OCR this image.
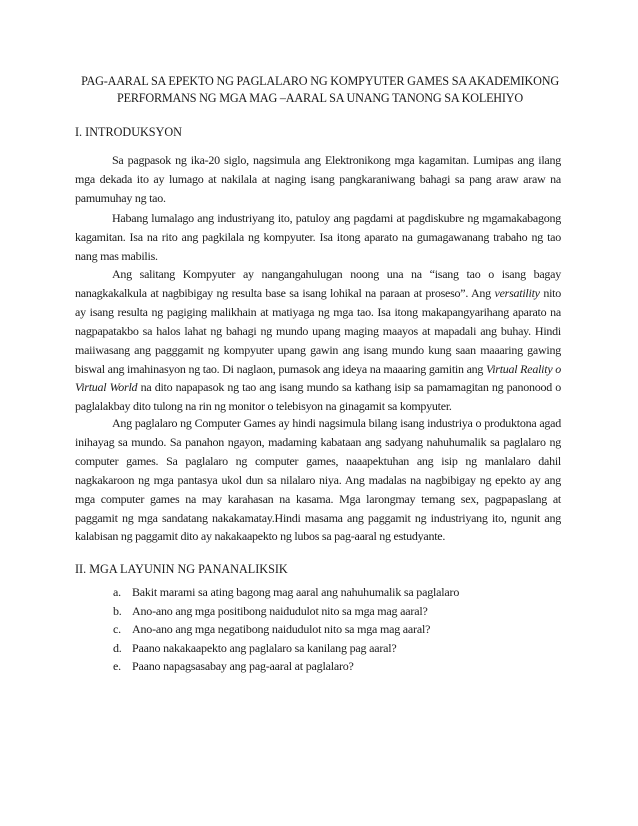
PAG-AARAL SA EPEKTO NG PAGLALARO NG KOMPYUTER GAMES SA AKADEMIKONG PERFORMANS NG MGA MAG –AARAL SA UNANG TANONG SA KOLEHIYO
I. INTRODUKSYON

Sa pagpasok ng ika-20 siglo, nagsimula ang Elektronikong mga kagamitan. Lumipas ang ilang mga dekada ito ay lumago at nakilala at naging isang pangkaraniwang bahagi sa pang araw araw na pamumuhay ng tao.

Habang lumalago ang industriyang ito, patuloy ang pagdami at pagdiskubre ng mgamakabagong kagamitan. Isa na rito ang pagkilala ng kompyuter. Isa itong aparato na gumagawanang trabaho ng tao nang mas mabilis.

Ang salitang Kompyuter ay nangangahulugan noong una na “isang tao o isang bagay nanagkakalkula at nagbibigay ng resulta base sa isang lohikal na paraan at proseso”. Ang versatility nito ay isang resulta ng pagiging malikhain at matiyaga ng mga tao. Isa itong makapangyarihang aparato na nagpapatakbo sa halos lahat ng bahagi ng mundo upang maging maayos at mapadali ang buhay. Hindi maiiwasang ang pagggamit ng kompyuter upang gawin ang isang mundo kung saan maaaring gawing biswal ang imahinasyon ng tao. Di naglaon, pumasok ang ideya na maaaring gamitin ang Virtual Reality o Virtual World na dito napapasok ng tao ang isang mundo sa kathang isip sa pamamagitan ng panonood o paglalakbay dito tulong na rin ng monitor o telebisyon na ginagamit sa kompyuter.

Ang paglalaro ng Computer Games ay hindi nagsimula bilang isang industriya o produktona agad inihayag sa mundo. Sa panahon ngayon, madaming kabataan ang sadyang nahuhumalik sa paglalaro ng computer games. Sa paglalaro ng computer games, naaapektuhan ang isip ng manlalaro dahil nagkakaroon ng mga pantasya ukol dun sa nilalaro niya. Ang madalas na nagbibigay ng epekto ay ang mga computer games na may karahasan na kasama. Mga larongmay temang sex, pagpapaslang at paggamit ng mga sandatang nakakamatay.Hindi masama ang paggamit ng industriyang ito, ngunit ang kalabisan ng paggamit dito ay nakakaapekto ng lubos sa pag-aaral ng estudyante.

II. MGA LAYUNIN NG PANANALIKSIK
a. Bakit marami sa ating bagong mag aaral ang nahuhumalik sa paglalaro
b. Ano-ano ang mga positibong naidudulot nito sa mga mag aaral?
c. Ano-ano ang mga negatibong naidudulot nito sa mga mag aaral?
d. Paano nakakaapekto ang paglalaro sa kanilang pag aaral?
e. Paano napagsasabay ang pag-aaral at paglalaro?
